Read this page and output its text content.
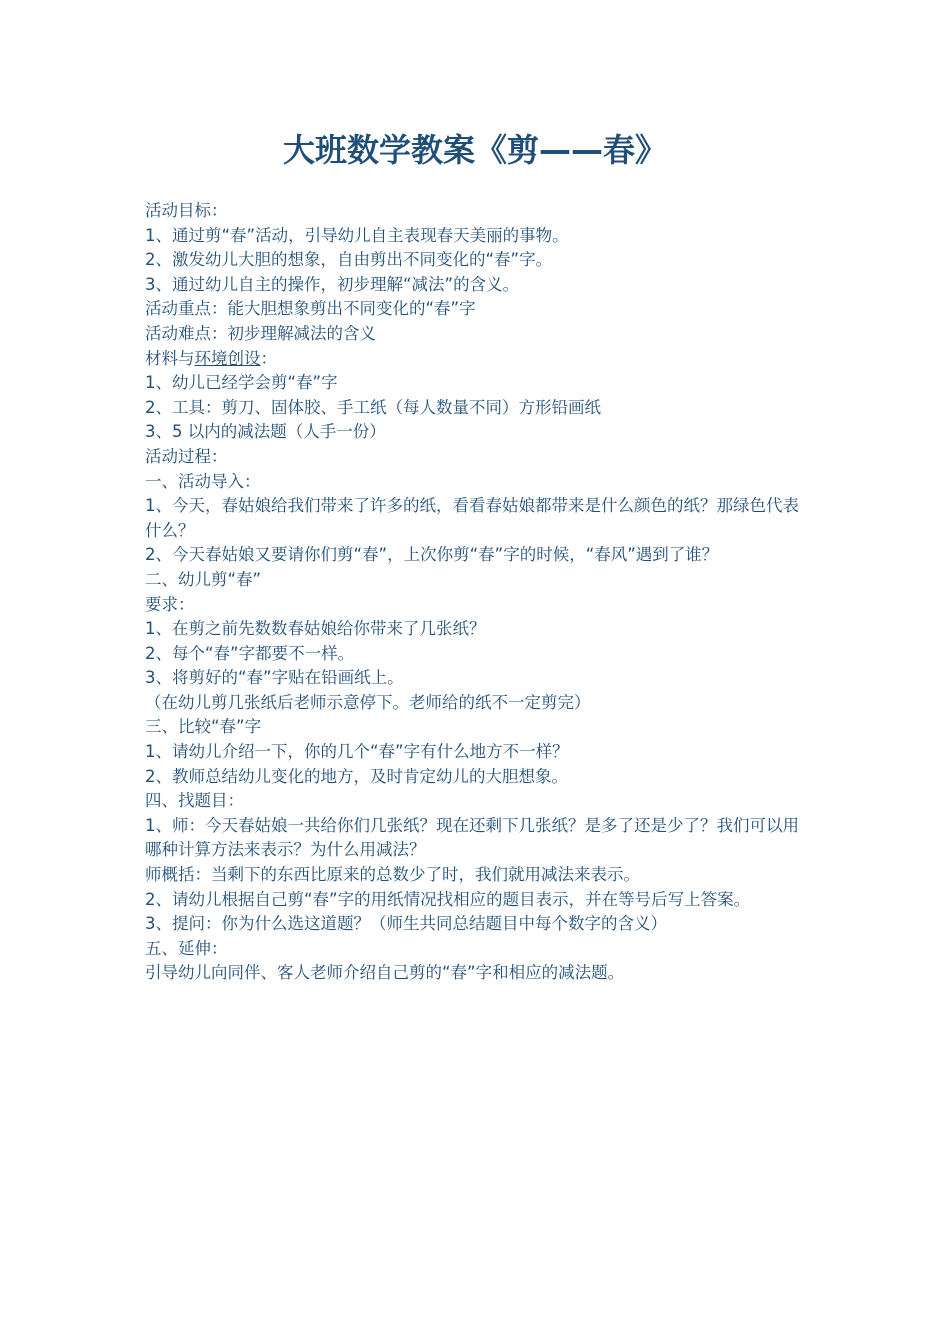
大班数学教案《剪——春》

活动目标：

1、通过剪“春”活动，引导幼儿自主表现春天美丽的事物。

2、激发幼儿大胆的想象，自由剪出不同变化的“春”字。

3、通过幼儿自主的操作，初步理解“减法”的含义。

活动重点：能大胆想象剪出不同变化的“春”字

活动难点：初步理解减法的含义

材料与环境创设：

1、幼儿已经学会剪“春”字

2、工具：剪刀、固体胶、手工纸（每人数量不同）方形铅画纸

3、5 以内的减法题（人手一份）

活动过程：

一、活动导入：

1、今天，春姑娘给我们带来了许多的纸，看看春姑娘都带来是什么颜色的纸？那绿色代表什么？

2、今天春姑娘又要请你们剪“春”，上次你剪“春”字的时候，“春风”遇到了谁？

二、幼儿剪“春”

要求：

1、在剪之前先数数春姑娘给你带来了几张纸？

2、每个“春”字都要不一样。

3、将剪好的“春”字贴在铅画纸上。

（在幼儿剪几张纸后老师示意停下。老师给的纸不一定剪完）

三、比较“春”字

1、请幼儿介绍一下，你的几个“春”字有什么地方不一样？

2、教师总结幼儿变化的地方，及时肯定幼儿的大胆想象。

四、找题目：

1、师：今天春姑娘一共给你们几张纸？现在还剩下几张纸？是多了还是少了？我们可以用哪种计算方法来表示？为什么用减法？

师概括：当剩下的东西比原来的总数少了时，我们就用减法来表示。

2、请幼儿根据自己剪“春”字的用纸情况找相应的题目表示，并在等号后写上答案。

3、提问：你为什么选这道题？（师生共同总结题目中每个数字的含义）

五、延伸：

引导幼儿向同伴、客人老师介绍自己剪的“春”字和相应的减法题。
